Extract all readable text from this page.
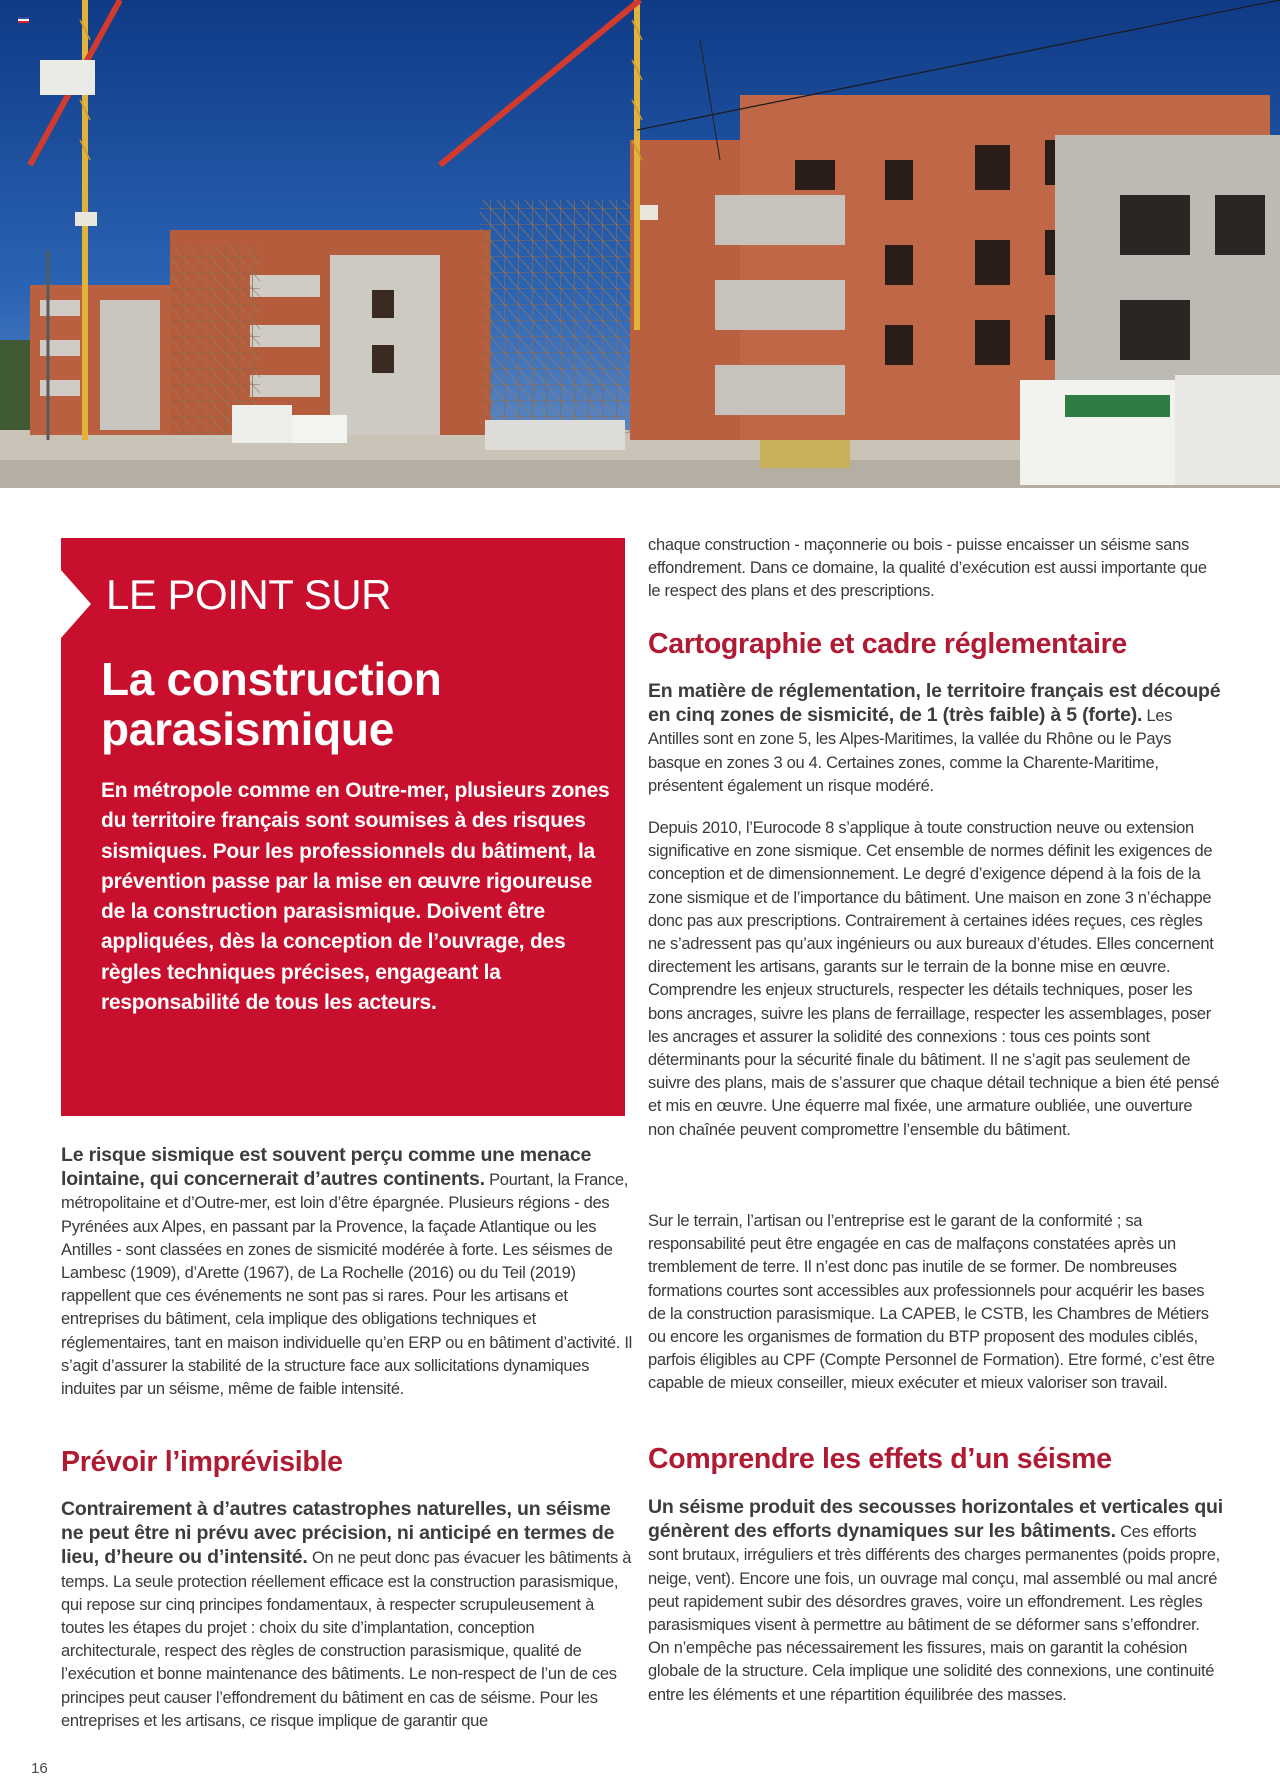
LE POINT SUR
La construction parasismique

En métropole comme en Outre-mer, plusieurs zones du territoire français sont soumises à des risques sismiques. Pour les professionnels du bâtiment, la prévention passe par la mise en œuvre rigoureuse de la construction parasismique. Doivent être appliquées, dès la conception de l’ouvrage, des règles techniques précises, engageant la responsabilité de tous les acteurs.

Le risque sismique est souvent perçu comme une menace lointaine, qui concernerait d’autres continents. Pourtant, la France, métropolitaine et d’Outre-mer, est loin d’être épargnée. Plusieurs régions - des Pyrénées aux Alpes, en passant par la Provence, la façade Atlantique ou les Antilles - sont classées en zones de sismicité modérée à forte. Les séismes de Lambesc (1909), d’Arette (1967), de La Rochelle (2016) ou du Teil (2019) rappellent que ces événements ne sont pas si rares. Pour les artisans et entreprises du bâtiment, cela implique des obligations techniques et réglementaires, tant en maison individuelle qu’en ERP ou en bâtiment d’activité. Il s’agit d’assurer la stabilité de la structure face aux sollicitations dynamiques induites par un séisme, même de faible intensité.

Prévoir l’imprévisible

Contrairement à d’autres catastrophes naturelles, un séisme ne peut être ni prévu avec précision, ni anticipé en termes de lieu, d’heure ou d’intensité. On ne peut donc pas évacuer les bâtiments à temps. La seule protection réellement efficace est la construction parasismique, qui repose sur cinq principes fondamentaux, à respecter scrupuleusement à toutes les étapes du projet : choix du site d’implantation, conception architecturale, respect des règles de construction parasismique, qualité de l’exécution et bonne maintenance des bâtiments. Le non-respect de l’un de ces principes peut causer l’effondrement du bâtiment en cas de séisme. Pour les entreprises et les artisans, ce risque implique de garantir que

chaque construction - maçonnerie ou bois - puisse encaisser un séisme sans effondrement. Dans ce domaine, la qualité d’exécution est aussi importante que le respect des plans et des prescriptions.

Cartographie et cadre réglementaire

En matière de réglementation, le territoire français est découpé en cinq zones de sismicité, de 1 (très faible) à 5 (forte). Les Antilles sont en zone 5, les Alpes-Maritimes, la vallée du Rhône ou le Pays basque en zones 3 ou 4. Certaines zones, comme la Charente-Maritime, présentent également un risque modéré.

Depuis 2010, l’Eurocode 8 s’applique à toute construction neuve ou extension significative en zone sismique. Cet ensemble de normes définit les exigences de conception et de dimensionnement. Le degré d’exigence dépend à la fois de la zone sismique et de l’importance du bâtiment. Une maison en zone 3 n’échappe donc pas aux prescriptions. Contrairement à certaines idées reçues, ces règles ne s’adressent pas qu’aux ingénieurs ou aux bureaux d’études. Elles concernent directement les artisans, garants sur le terrain de la bonne mise en œuvre. Comprendre les enjeux structurels, respecter les détails techniques, poser les bons ancrages, suivre les plans de ferraillage, respecter les assemblages, poser les ancrages et assurer la solidité des connexions : tous ces points sont déterminants pour la sécurité finale du bâtiment. Il ne s’agit pas seulement de suivre des plans, mais de s’assurer que chaque détail technique a bien été pensé et mis en œuvre. Une équerre mal fixée, une armature oubliée, une ouverture non chaînée peuvent compromettre l’ensemble du bâtiment.

Sur le terrain, l’artisan ou l’entreprise est le garant de la conformité ; sa responsabilité peut être engagée en cas de malfaçons constatées après un tremblement de terre. Il n’est donc pas inutile de se former. De nombreuses formations courtes sont accessibles aux professionnels pour acquérir les bases de la construction parasismique. La CAPEB, le CSTB, les Chambres de Métiers ou encore les organismes de formation du BTP proposent des modules ciblés, parfois éligibles au CPF (Compte Personnel de Formation). Etre formé, c’est être capable de mieux conseiller, mieux exécuter et mieux valoriser son travail.

Comprendre les effets d’un séisme

Un séisme produit des secousses horizontales et verticales qui génèrent des efforts dynamiques sur les bâtiments. Ces efforts sont brutaux, irréguliers et très différents des charges permanentes (poids propre, neige, vent). Encore une fois, un ouvrage mal conçu, mal assemblé ou mal ancré peut rapidement subir des désordres graves, voire un effondrement. Les règles parasismiques visent à permettre au bâtiment de se déformer sans s’effondrer. On n’empêche pas nécessairement les fissures, mais on garantit la cohésion globale de la structure. Cela implique une solidité des connexions, une continuité entre les éléments et une répartition équilibrée des masses.

16
